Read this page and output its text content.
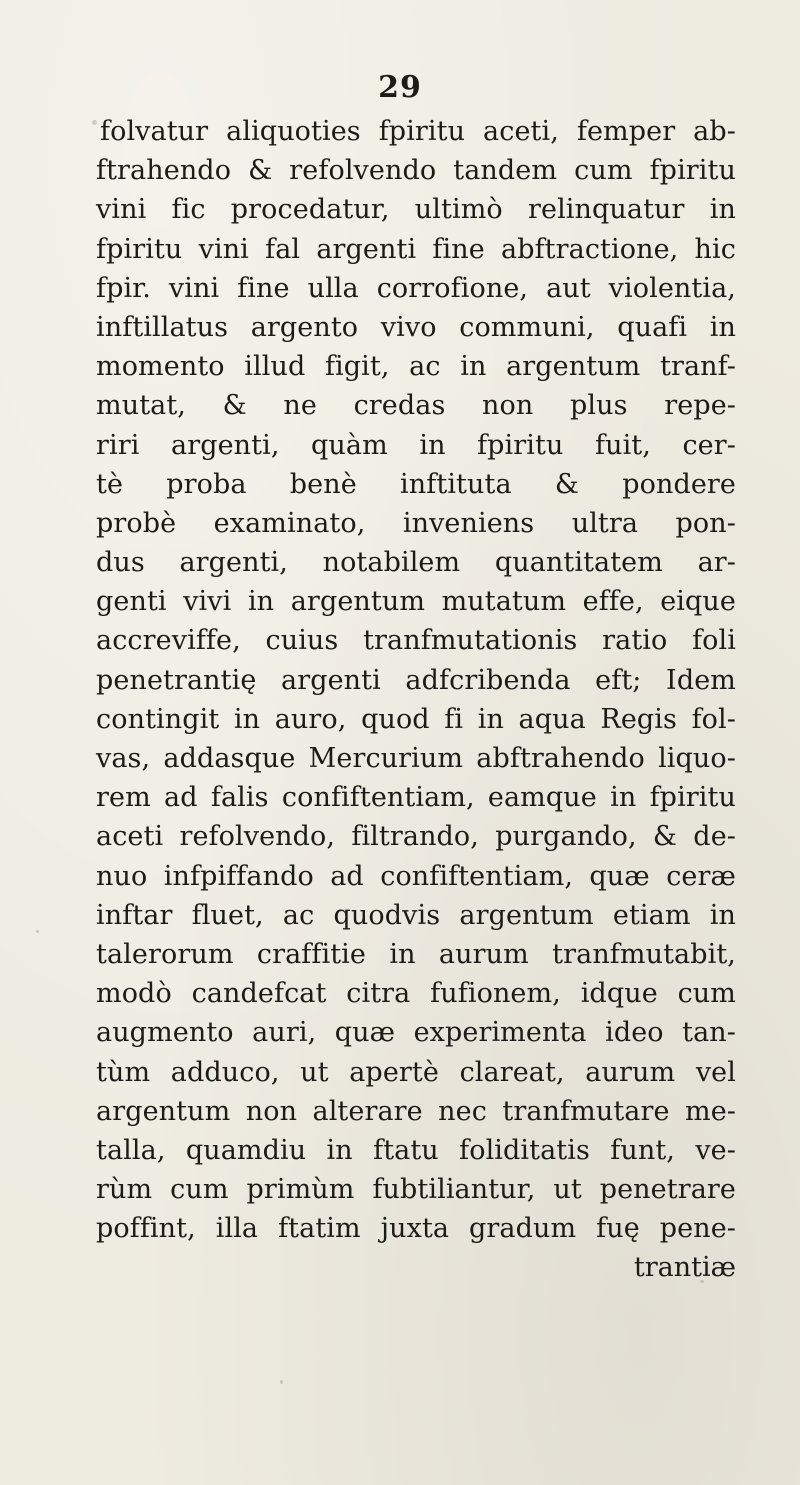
29
folvatur aliquoties fpiritu aceti, femper ab-
ftrahendo & refolvendo tandem cum fpiritu
vini fic procedatur, ultimò relinquatur in
fpiritu vini fal argenti fine abftractione, hic
fpir. vini fine ulla corrofione, aut violentia,
inftillatus argento vivo communi, quafi in
momento illud figit, ac in argentum tranf-
mutat, & ne credas non plus repe-
riri argenti, quàm in fpiritu fuit, cer-
tè proba benè inftituta & pondere
probè examinato, inveniens ultra pon-
dus argenti, notabilem quantitatem ar-
genti vivi in argentum mutatum effe, eique
accreviffe, cuius tranfmutationis ratio foli
penetrantię argenti adfcribenda eft; Idem
contingit in auro, quod fi in aqua Regis fol-
vas, addasque Mercurium abftrahendo liquo-
rem ad falis confiftentiam, eamque in fpiritu
aceti refolvendo, filtrando, purgando, & de-
nuo infpiffando ad confiftentiam, quæ ceræ
inftar fluet, ac quodvis argentum etiam in
talerorum craffitie in aurum tranfmutabit,
modò candefcat citra fufionem, idque cum
augmento auri, quæ experimenta ideo tan-
tùm adduco, ut apertè clareat, aurum vel
argentum non alterare nec tranfmutare me-
talla, quamdiu in ftatu foliditatis funt, ve-
rùm cum primùm fubtiliantur, ut penetrare
poffint, illa ftatim juxta gradum fuę pene-
trantiæ
